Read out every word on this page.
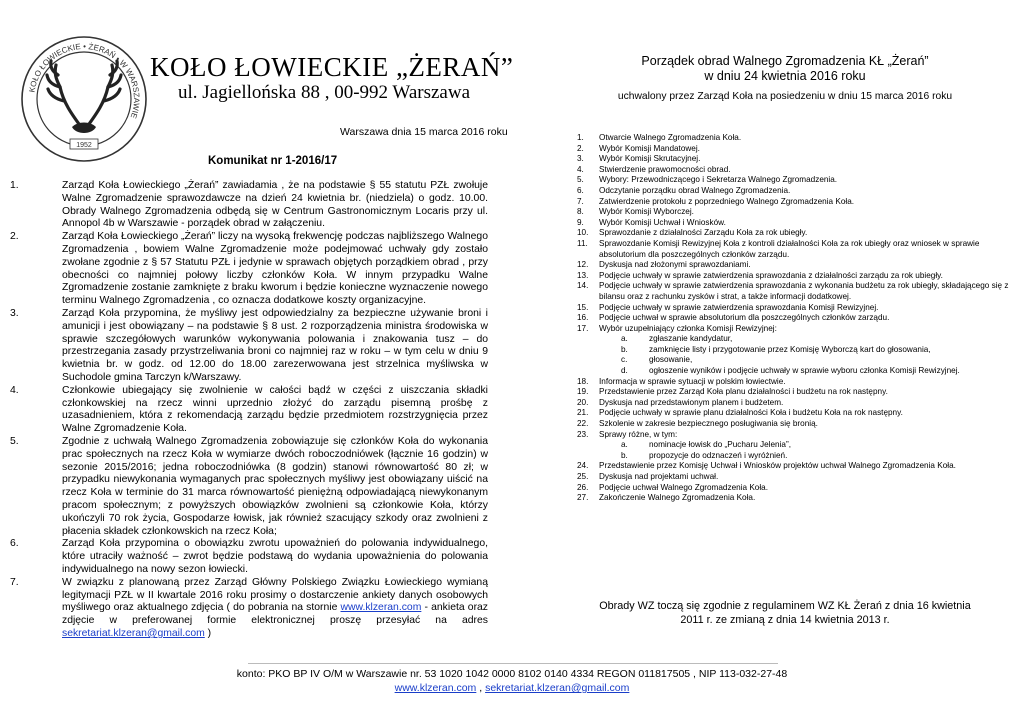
KOŁO ŁOWIECKIE • ŻERAŃ • W WARSZAWIE
1952
KOŁO ŁOWIECKIE „ŻERAŃ”
ul. Jagiellońska 88 , 00-992 Warszawa
Warszawa dnia 15 marca 2016 roku
Komunikat nr 1-2016/17
1.	Zarząd Koła Łowieckiego „Żerań” zawiadamia , że na podstawie § 55 statutu PZŁ zwołuje Walne Zgromadzenie sprawozdawcze na dzień 24 kwietnia br. (niedziela) o godz. 10.00. Obrady Walnego Zgromadzenia odbędą się w Centrum Gastronomicznym Locaris przy ul. Annopol 4b w Warszawie - porządek obrad w załączeniu.
2.	Zarząd Koła Łowieckiego „Żerań” liczy na wysoką frekwencję podczas najbliższego Walnego Zgromadzenia , bowiem Walne Zgromadzenie może podejmować uchwały gdy zostało zwołane zgodnie z § 57 Statutu PZŁ i jedynie w sprawach objętych porządkiem obrad , przy obecności co najmniej połowy liczby członków Koła. W innym przypadku Walne Zgromadzenie zostanie zamknięte z braku kworum i będzie konieczne wyznaczenie nowego terminu Walnego Zgromadzenia , co oznacza dodatkowe koszty organizacyjne.
3.	Zarząd Koła przypomina, że myśliwy jest odpowiedzialny za bezpieczne używanie broni i amunicji i jest obowiązany – na podstawie § 8 ust. 2 rozporządzenia ministra środowiska w sprawie szczegółowych warunków wykonywania polowania i znakowania tusz – do przestrzegania zasady przystrzeliwania broni co najmniej raz w roku – w tym celu w dniu 9 kwietnia br. w godz. od 12.00 do 18.00 zarezerwowana jest strzelnica myśliwska w Suchodole gmina Tarczyn k/Warszawy.
4.	Członkowie ubiegający się zwolnienie w całości bądź w części z uiszczania składki członkowskiej na rzecz winni uprzednio złożyć do zarządu pisemną prośbę z uzasadnieniem, która z rekomendacją zarządu będzie przedmiotem rozstrzygnięcia przez Walne Zgromadzenie Koła.
5.	Zgodnie z uchwałą Walnego Zgromadzenia zobowiązuje się członków Koła do wykonania prac społecznych na rzecz Koła w wymiarze dwóch roboczodniówek (łącznie 16 godzin) w sezonie 2015/2016; jedna roboczodniówka (8 godzin) stanowi równowartość 80 zł; w przypadku niewykonania wymaganych prac społecznych myśliwy jest obowiązany uiścić na rzecz Koła w terminie do 31 marca równowartość pieniężną odpowiadającą niewykonanym pracom społecznym; z powyższych obowiązków zwolnieni są członkowie Koła, którzy ukończyli 70 rok życia, Gospodarze łowisk, jak również szacujący szkody oraz zwolnieni z płacenia składek członkowskich na rzecz Koła;
6.	Zarząd Koła przypomina o obowiązku zwrotu upoważnień do polowania indywidualnego, które utraciły ważność – zwrot będzie podstawą do wydania upoważnienia do polowania indywidualnego na nowy sezon łowiecki.
7.	W związku z planowaną przez Zarząd Główny Polskiego Związku Łowieckiego wymianą legitymacji PZŁ w II kwartale 2016 roku prosimy o dostarczenie ankiety danych osobowych myśliwego oraz aktualnego zdjęcia ( do pobrania na stornie www.klzeran.com - ankieta oraz zdjęcie w preferowanej formie elektronicznej proszę przesyłać na adres sekretariat.klzeran@gmail.com )
Porządek obrad Walnego Zgromadzenia KŁ „Żerań”
w dniu 24 kwietnia 2016 roku
uchwalony przez Zarząd Koła na posiedzeniu w dniu 15 marca 2016 roku
1.	Otwarcie Walnego Zgromadzenia Koła.
2.	Wybór Komisji Mandatowej.
3.	Wybór Komisji Skrutacyjnej.
4.	Stwierdzenie prawomocności obrad.
5.	Wybory: Przewodniczącego i Sekretarza Walnego Zgromadzenia.
6.	Odczytanie porządku obrad Walnego Zgromadzenia.
7.	Zatwierdzenie protokołu z poprzedniego Walnego Zgromadzenia Koła.
8.	Wybór Komisji Wyborczej.
9.	Wybór Komisji Uchwał i Wniosków.
10.	Sprawozdanie z działalności Zarządu Koła za rok ubiegły.
11.	Sprawozdanie Komisji Rewizyjnej Koła z kontroli działalności Koła za rok ubiegły oraz wniosek w sprawie absolutorium dla poszczególnych członków zarządu.
12.	Dyskusja nad złożonymi sprawozdaniami.
13.	Podjęcie uchwały w sprawie zatwierdzenia sprawozdania z działalności zarządu za rok ubiegły.
14.	Podjęcie uchwały w sprawie zatwierdzenia sprawozdania z wykonania budżetu za rok ubiegły, składającego się z bilansu oraz z rachunku zysków i strat, a także informacji dodatkowej.
15.	Podjęcie uchwały w sprawie zatwierdzenia sprawozdania Komisji Rewizyjnej.
16.	Podjęcie uchwał w sprawie absolutorium dla poszczególnych członków zarządu.
17.	Wybór uzupełniający członka Komisji Rewizyjnej:
a.	zgłaszanie kandydatur,
b.	zamknięcie listy i przygotowanie przez Komisję Wyborczą kart do głosowania,
c.	głosowanie,
d.	ogłoszenie wyników i podjęcie uchwały w sprawie wyboru członka Komisji Rewizyjnej.
18.	Informacja w sprawie sytuacji w polskim łowiectwie.
19.	Przedstawienie przez Zarząd Koła planu działalności i budżetu na rok następny.
20.	Dyskusja nad przedstawionym planem i budżetem.
21.	Podjęcie uchwały w sprawie planu działalności Koła i budżetu Koła na rok następny.
22.	Szkolenie w zakresie bezpiecznego posługiwania się bronią.
23.	Sprawy różne, w tym:
a.	nominacje łowisk do „Pucharu Jelenia”,
b.	propozycje do odznaczeń i wyróżnień.
24.	Przedstawienie przez Komisję Uchwał i Wniosków projektów uchwał Walnego Zgromadzenia Koła.
25.	Dyskusja nad projektami uchwał.
26.	Podjęcie uchwał Walnego Zgromadzenia Koła.
27.	Zakończenie Walnego Zgromadzenia Koła.
Obrady WZ toczą się zgodnie z regulaminem WZ KŁ Żerań z dnia 16 kwietnia
2011 r. ze zmianą z dnia 14 kwietnia 2013 r.
konto: PKO BP IV O/M w Warszawie nr. 53 1020 1042 0000 8102 0140 4334 REGON 011817505 , NIP 113-032-27-48
www.klzeran.com , sekretariat.klzeran@gmail.com
